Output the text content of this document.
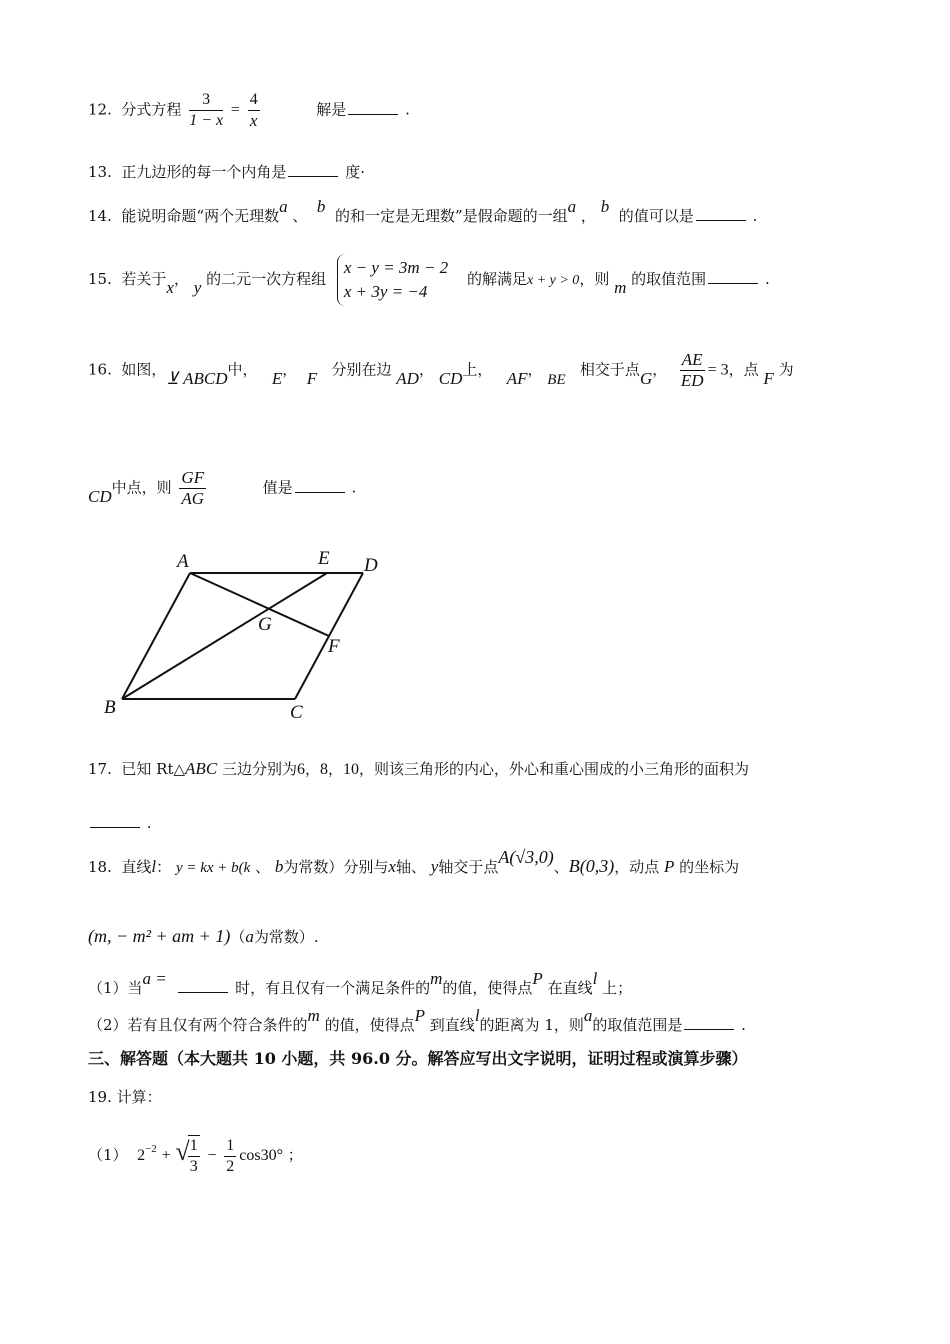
12. 分式方程 $\frac{3}{1 - x} = \frac{4}{x}$	解是	.
13. 正九边形的每一个内角是	度·
14. 能说明命题“两个无理数a 、 b 的和一定是无理数”是假命题的一组a ， b 的值可以是	.
15. 若关于x， y 的二元一次方程组
x − y = 3m − 2
x + 3y = −4
的解满足x + y > 0，则 m 的取值范围	.
16. 如图，⊻ ABCD中， E， F 分别在边 AD， CD上， AF， BE   相交于点G， $\frac{AE}{ED} = 3$，点 F 为
CD中点，则 $\frac{GF}{AG}$	值是	.
A	E D
G
F
B	C
17. 已知 Rt△ABC 三边分别为6，8，10，则该三角形的内心，外心和重心围成的小三角形的面积为
.
18. 直线l： y = kx + b(k 、 b为常数）分别与x轴、 y轴交于点A(√3,0)、B(0,3)，动点 P 的坐标为
(m, − m² + am + 1)（a为常数）.
（1）当a =	时，有且仅有一个满足条件的m的值，使得点P 在直线l 上；
（2）若有且仅有两个符合条件的m 的值，使得点P 到直线l的距离为 1，则a的取值范围是	.
三、解答题（本大题共 10 小题，共 96.0 分。解答应写出文字说明，证明过程或演算步骤）
19. 计算：
（1） $2^{-2}$ + √
$\frac{1}{3} - \frac{1}{2} \cos 30^\circ$ ；
